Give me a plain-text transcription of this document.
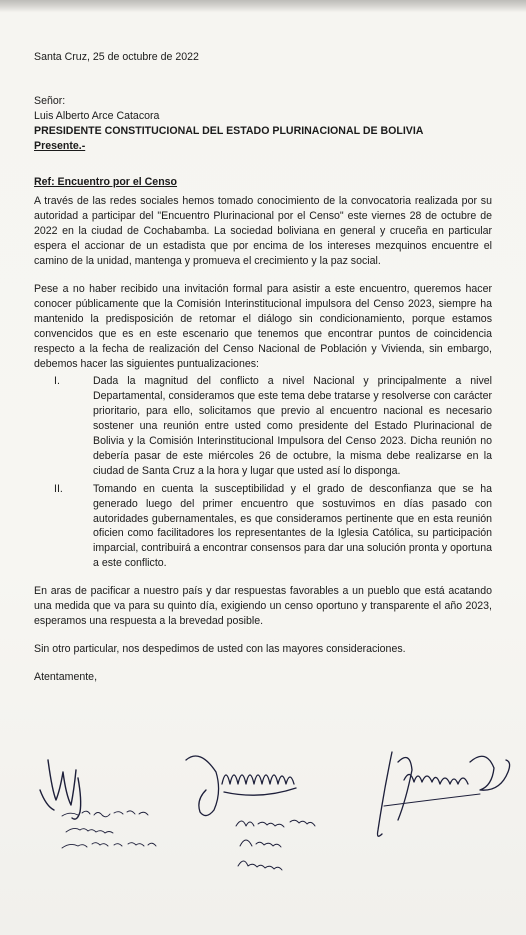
Santa Cruz, 25 de octubre de 2022

Señor:

Luis Alberto Arce Catacora

PRESIDENTE CONSTITUCIONAL DEL ESTADO PLURINACIONAL DE BOLIVIA

Presente.-

Ref: Encuentro por el Censo

A través de las redes sociales hemos tomado conocimiento de la convocatoria realizada por su autoridad a participar del "Encuentro Plurinacional por el Censo" este viernes 28 de octubre de 2022 en la ciudad de Cochabamba. La sociedad boliviana en general y cruceña en particular espera el accionar de un estadista que por encima de los intereses mezquinos encuentre el camino de la unidad, mantenga y promueva el crecimiento y la paz social.

Pese a no haber recibido una invitación formal para asistir a este encuentro, queremos hacer conocer públicamente que la Comisión Interinstitucional impulsora del Censo 2023, siempre ha mantenido la predisposición de retomar el diálogo sin condicionamiento, porque estamos convencidos que es en este escenario que tenemos que encontrar puntos de coincidencia respecto a la fecha de realización del Censo Nacional de Población y Vivienda, sin embargo, debemos hacer las siguientes puntualizaciones:

I.	Dada la magnitud del conflicto a nivel Nacional y principalmente a nivel Departamental, consideramos que este tema debe tratarse y resolverse con carácter prioritario, para ello, solicitamos que previo al encuentro nacional es necesario sostener una reunión entre usted como presidente del Estado Plurinacional de Bolivia y la Comisión Interinstitucional Impulsora del Censo 2023. Dicha reunión no debería pasar de este miércoles 26 de octubre, la misma debe realizarse en la ciudad de Santa Cruz a la hora y lugar que usted así lo disponga.
II.	Tomando en cuenta la susceptibilidad y el grado de desconfianza que se ha generado luego del primer encuentro que sostuvimos en días pasado con autoridades gubernamentales, es que consideramos pertinente que en esta reunión oficien como facilitadores los representantes de la Iglesia Católica, su participación imparcial, contribuirá a encontrar consensos para dar una solución pronta y oportuna a este conflicto.

En aras de pacificar a nuestro país y dar respuestas favorables a un pueblo que está acatando una medida que va para su quinto día, exigiendo un censo oportuno y transparente el año 2023, esperamos una respuesta a la brevedad posible.

Sin otro particular, nos despedimos de usted con las mayores consideraciones.

Atentamente,
